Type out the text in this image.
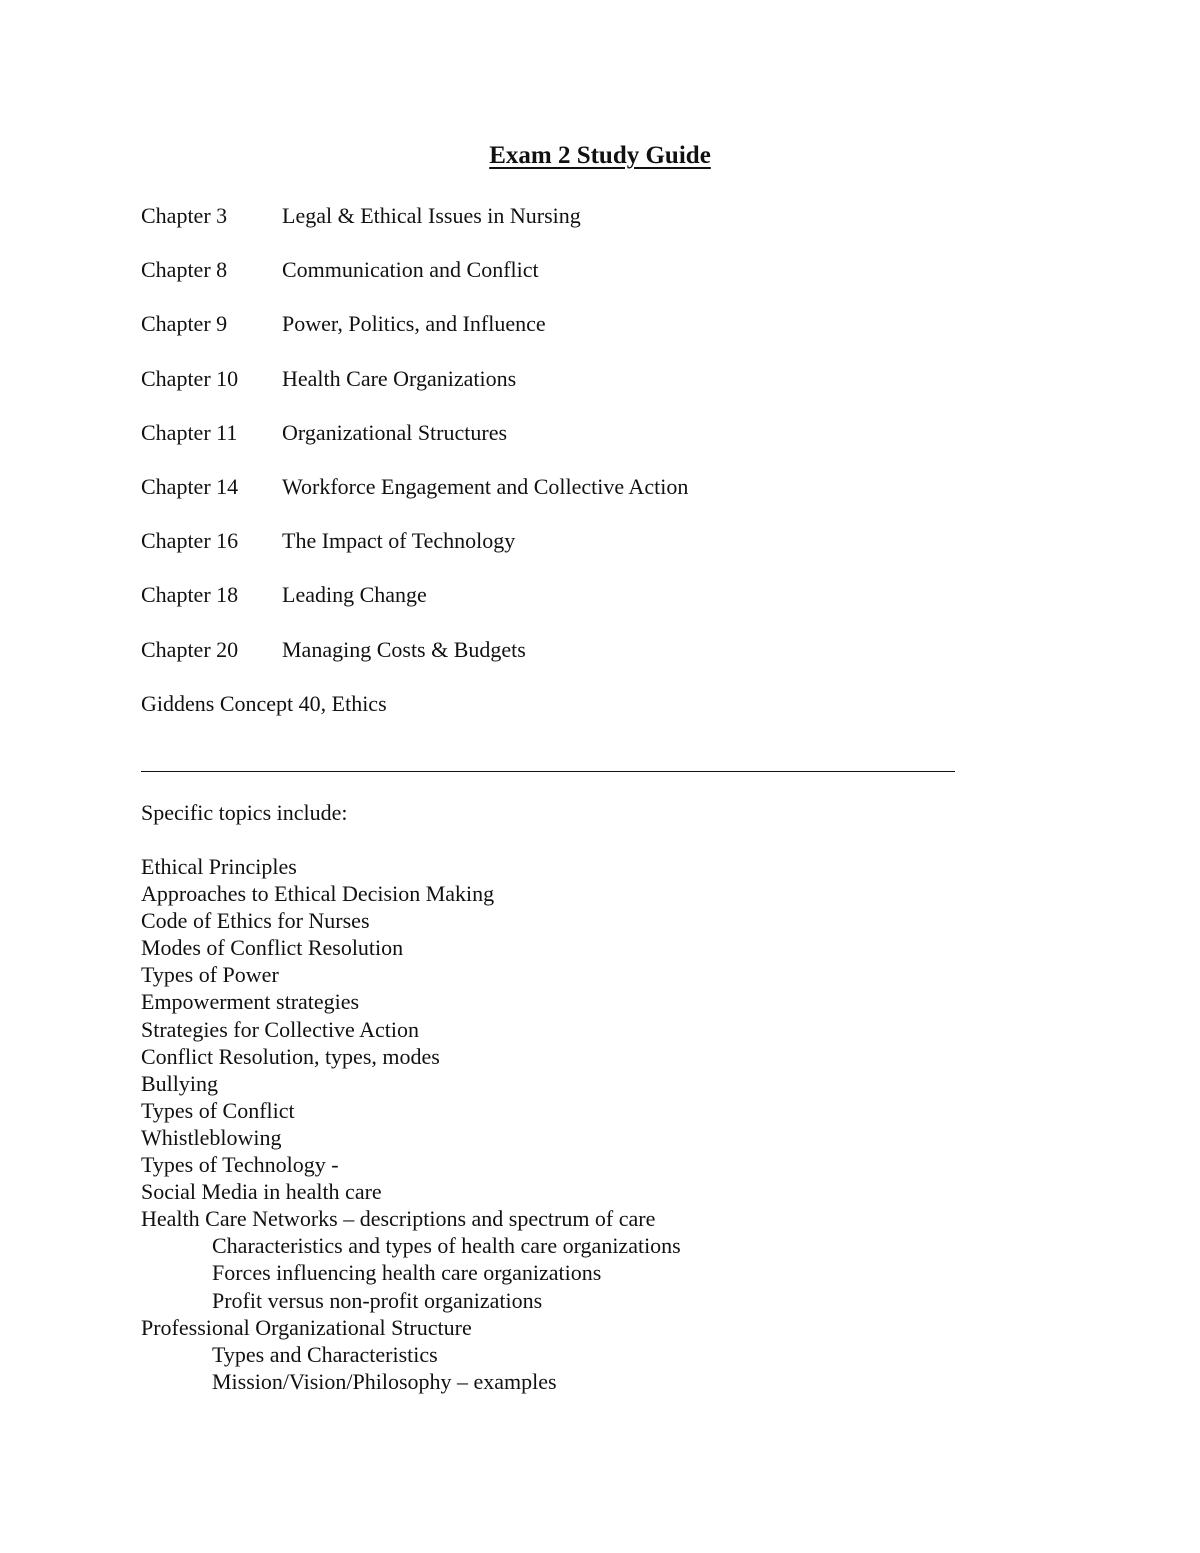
Exam 2 Study Guide
Chapter 3	Legal & Ethical Issues in Nursing
Chapter 8	Communication and Conflict
Chapter 9	Power, Politics, and Influence
Chapter 10	Health Care Organizations
Chapter 11	Organizational Structures
Chapter 14	Workforce Engagement and Collective Action
Chapter 16	The Impact of Technology
Chapter 18	Leading Change
Chapter 20	Managing Costs & Budgets
Giddens Concept 40, Ethics
Specific topics include:
Ethical Principles
Approaches to Ethical Decision Making
Code of Ethics for Nurses
Modes of Conflict Resolution
Types of Power
Empowerment strategies
Strategies for Collective Action
Conflict Resolution, types, modes
Bullying
Types of Conflict
Whistleblowing
Types of Technology -
Social Media in health care
Health Care Networks – descriptions and spectrum of care
Characteristics and types of health care organizations
Forces influencing health care organizations
Profit versus non-profit organizations
Professional Organizational Structure
Types and Characteristics
Mission/Vision/Philosophy – examples
